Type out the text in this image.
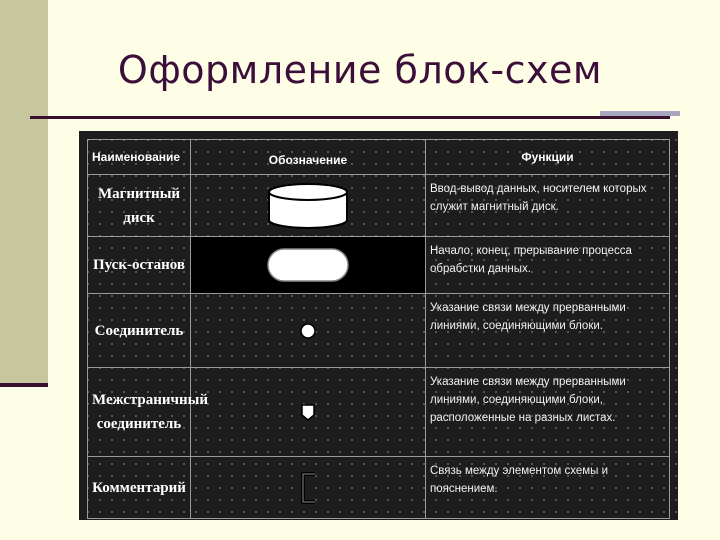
Оформление блок-схем
Наименование	Обозначение	Функции
Магнитный диск		Ввод-вывод данных, носителем которых служит магнитный диск.
Пуск-останов		Начало, конец, прерывание процесса обрабстки данных.
Соединитель		Указание связи между прерванными линиями, соединяющими блоки.
Межстраничный соединитель		Указание связи между прерванными линиями, соединяющими блоки, расположенные на разных листах.
Комментарий		Связь между элементом схемы и пояснением.
